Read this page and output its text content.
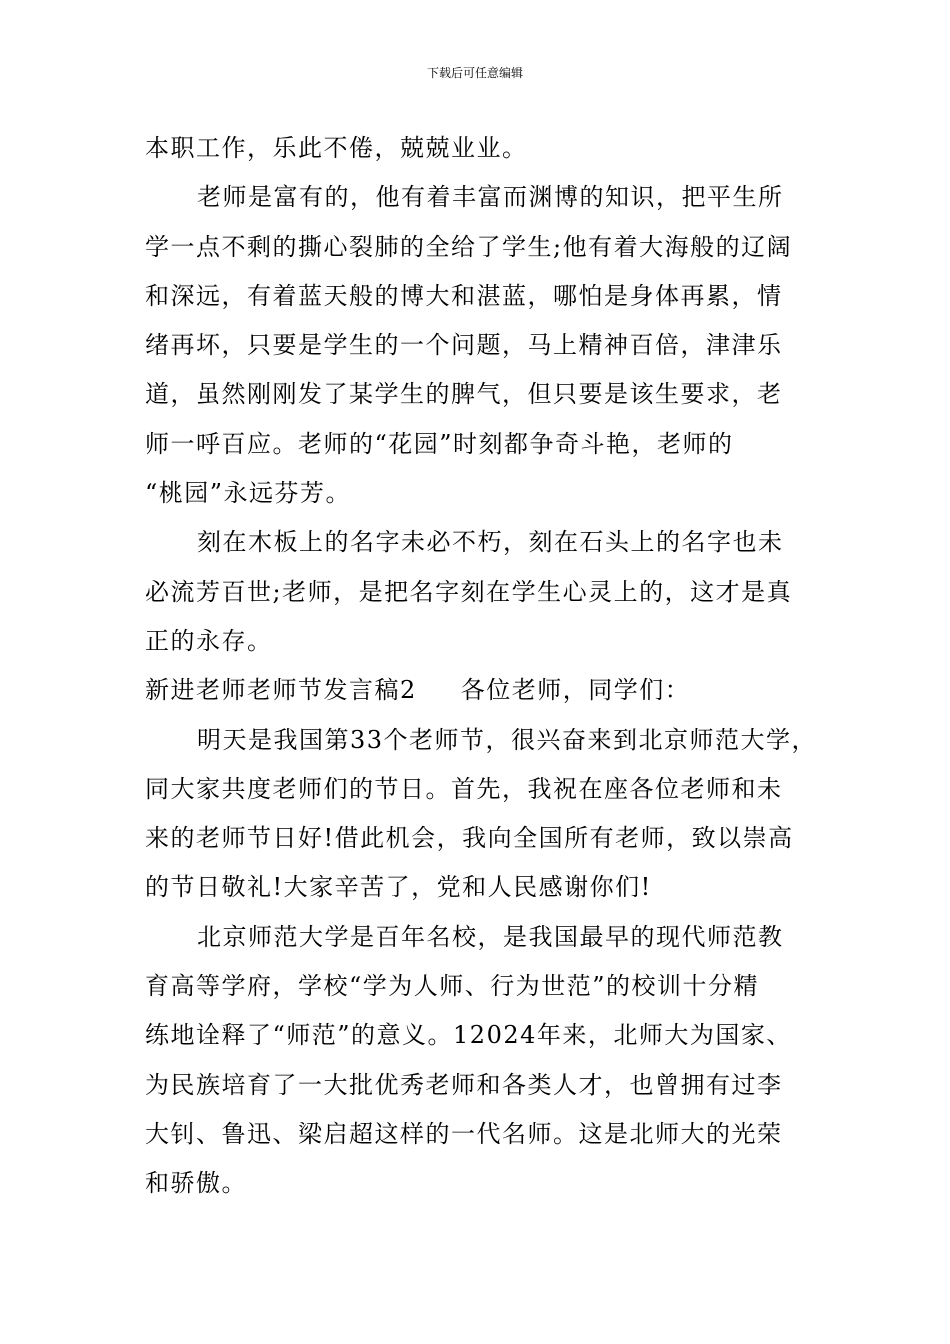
下载后可任意编辑
本职工作，乐此不倦，兢兢业业。
老师是富有的，他有着丰富而渊博的知识，把平生所
学一点不剩的撕心裂肺的全给了学生;他有着大海般的辽阔
和深远，有着蓝天般的博大和湛蓝，哪怕是身体再累，情
绪再坏，只要是学生的一个问题，马上精神百倍，津津乐
道，虽然刚刚发了某学生的脾气，但只要是该生要求，老
师一呼百应。老师的“花园”时刻都争奇斗艳，老师的
“桃园”永远芬芳。
刻在木板上的名字未必不朽，刻在石头上的名字也未
必流芳百世;老师，是把名字刻在学生心灵上的，这才是真
正的永存。
新进老师老师节发言稿2 各位老师，同学们：
明天是我国第33个老师节，很兴奋来到北京师范大学，
同大家共度老师们的节日。首先，我祝在座各位老师和未
来的老师节日好!借此机会，我向全国所有老师，致以崇高
的节日敬礼!大家辛苦了，党和人民感谢你们!
北京师范大学是百年名校，是我国最早的现代师范教
育高等学府，学校“学为人师、行为世范”的校训十分精
练地诠释了“师范”的意义。12024年来，北师大为国家、
为民族培育了一大批优秀老师和各类人才，也曾拥有过李
大钊、鲁迅、梁启超这样的一代名师。这是北师大的光荣
和骄傲。
